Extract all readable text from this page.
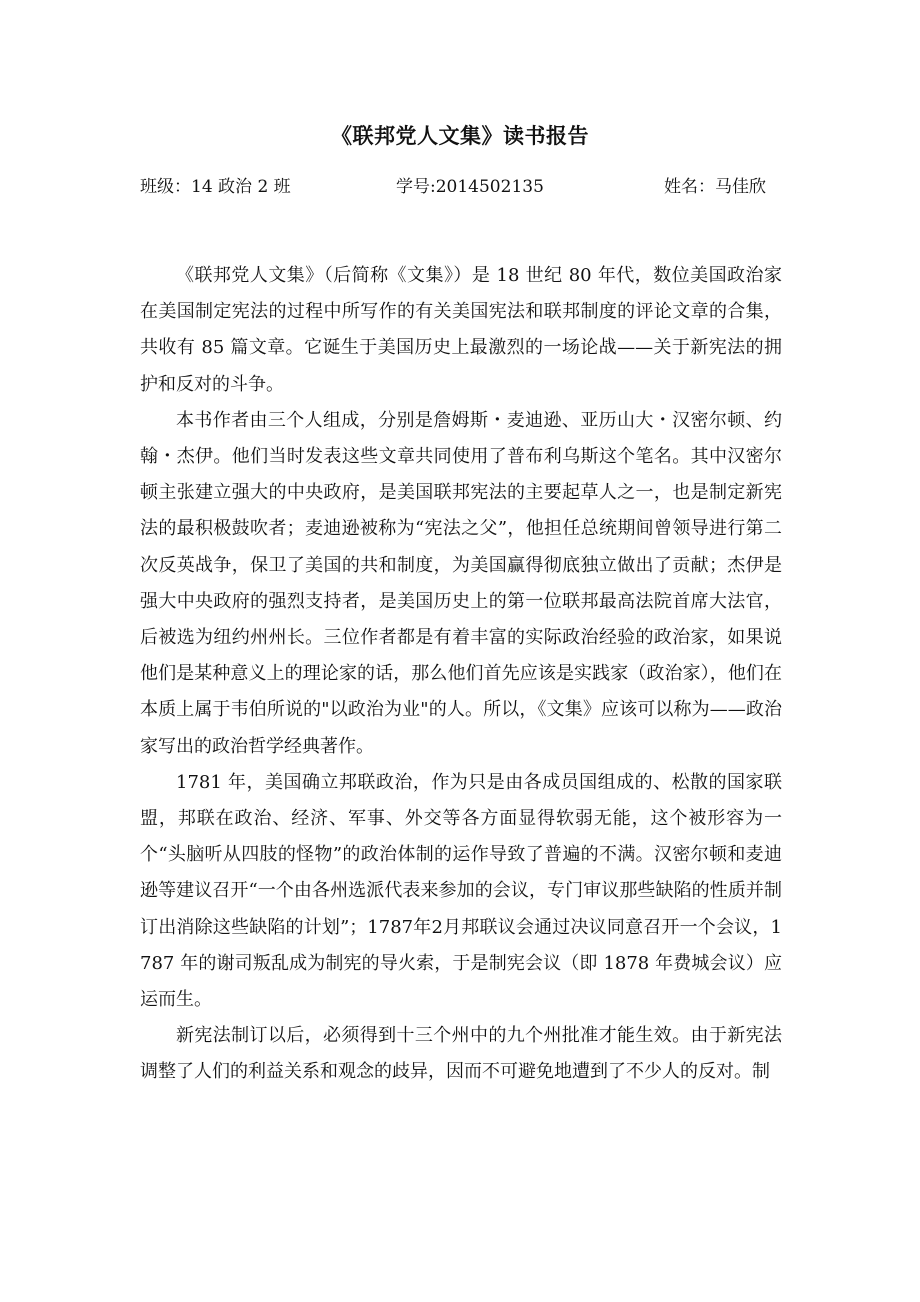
《联邦党人文集》读书报告
班级：14 政治 2 班	学号:2014502135	姓名：马佳欣

《联邦党人文集》（后简称《文集》）是 18 世纪 80 年代，数位美国政治家在美国制定宪法的过程中所写作的有关美国宪法和联邦制度的评论文章的合集，共收有 85 篇文章。它诞生于美国历史上最激烈的一场论战——关于新宪法的拥护和反对的斗争。

本书作者由三个人组成，分别是詹姆斯・麦迪逊、亚历山大・汉密尔顿、约翰・杰伊。他们当时发表这些文章共同使用了普布利乌斯这个笔名。其中汉密尔顿主张建立强大的中央政府，是美国联邦宪法的主要起草人之一，也是制定新宪法的最积极鼓吹者；麦迪逊被称为“宪法之父”，他担任总统期间曾领导进行第二次反英战争，保卫了美国的共和制度，为美国赢得彻底独立做出了贡献；杰伊是强大中央政府的强烈支持者，是美国历史上的第一位联邦最高法院首席大法官，后被选为纽约州州长。三位作者都是有着丰富的实际政治经验的政治家，如果说他们是某种意义上的理论家的话，那么他们首先应该是实践家（政治家），他们在本质上属于韦伯所说的"以政治为业"的人。所以，《文集》应该可以称为——政治家写出的政治哲学经典著作。

1781 年，美国确立邦联政治，作为只是由各成员国组成的、松散的国家联盟，邦联在政治、经济、军事、外交等各方面显得软弱无能，这个被形容为一个“头脑听从四肢的怪物”的政治体制的运作导致了普遍的不满。汉密尔顿和麦迪逊等建议召开“一个由各州选派代表来参加的会议，专门审议那些缺陷的性质并制订出消除这些缺陷的计划”；1787年2月邦联议会通过决议同意召开一个会议，1787 年的谢司叛乱成为制宪的导火索，于是制宪会议（即 1878 年费城会议）应运而生。

新宪法制订以后，必须得到十三个州中的九个州批准才能生效。由于新宪法调整了人们的利益关系和观念的歧异，因而不可避免地遭到了不少人的反对。制
